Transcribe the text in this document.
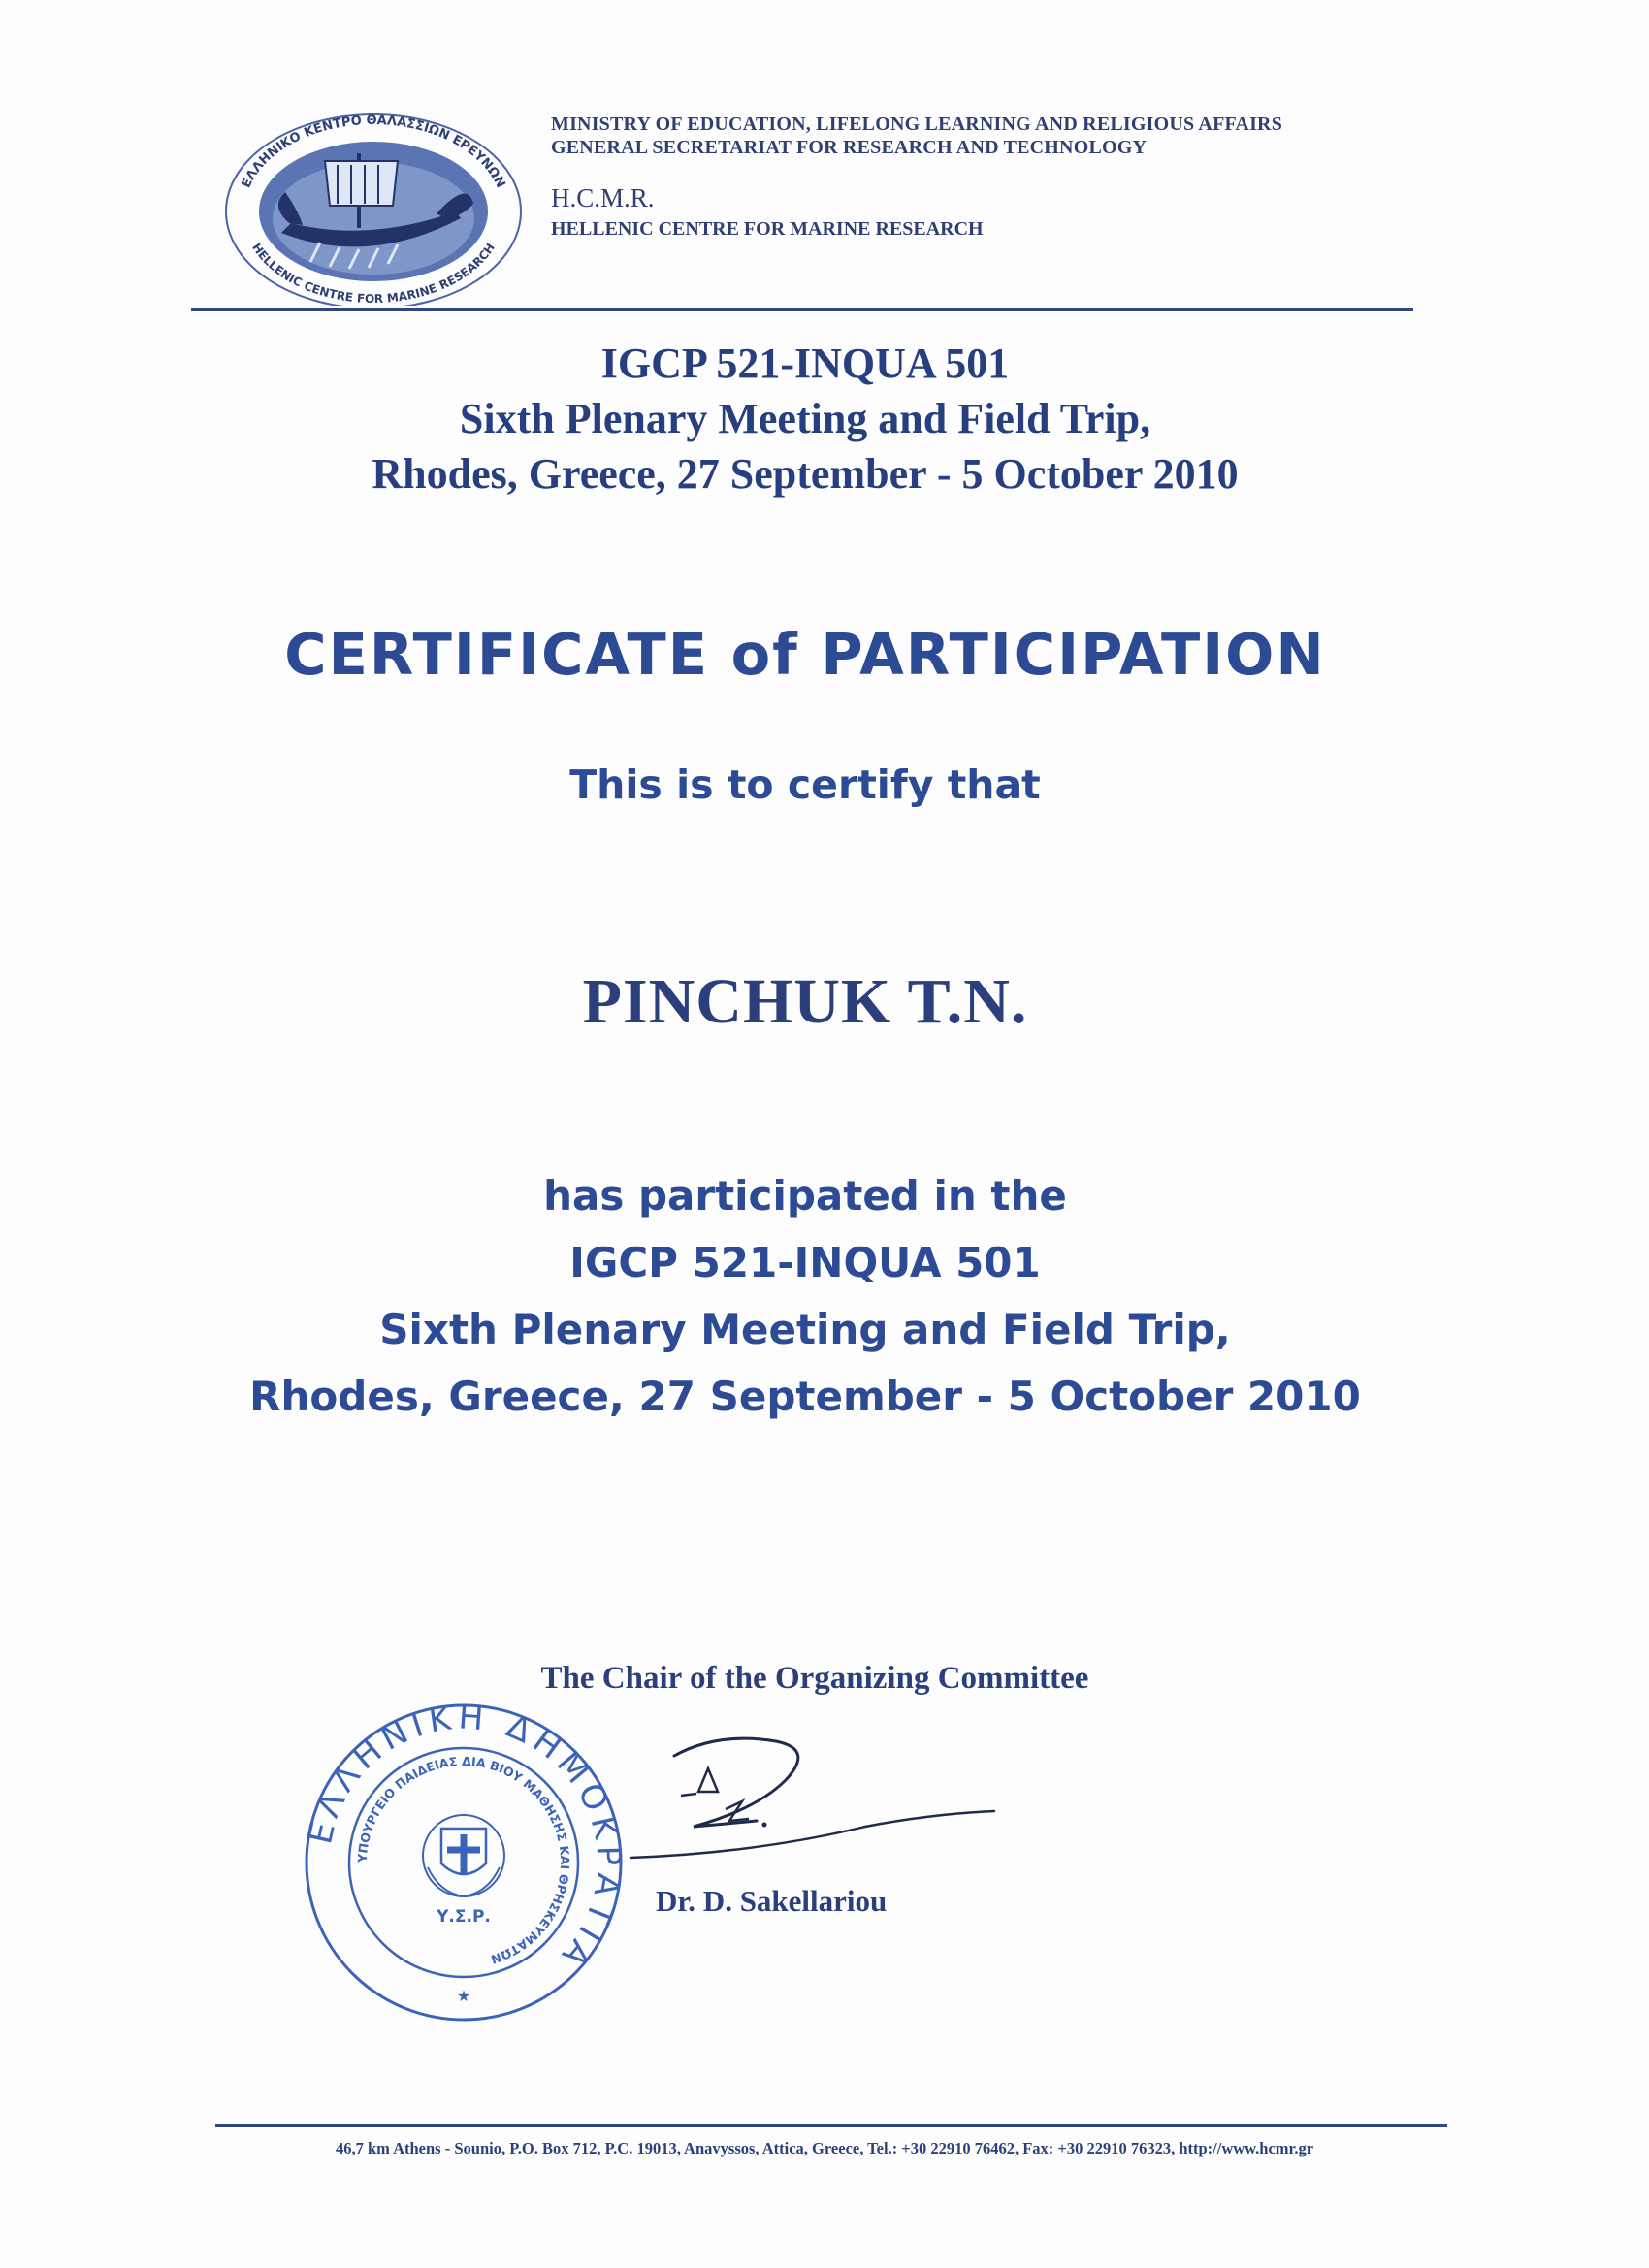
ΕΛΛΗΝΙΚΟ ΚΕΝΤΡΟ ΘΑΛΑΣΣΙΩΝ ΕΡΕΥΝΩΝ
HELLENIC CENTRE FOR MARINE RESEARCH
MINISTRY OF EDUCATION, LIFELONG LEARNING AND RELIGIOUS AFFAIRS
GENERAL SECRETARIAT FOR RESEARCH AND TECHNOLOGY
H.C.M.R.
HELLENIC CENTRE FOR MARINE RESEARCH
IGCP 521-INQUA 501
Sixth Plenary Meeting and Field Trip,
Rhodes, Greece, 27 September - 5 October 2010
CERTIFICATE of PARTICIPATION
This is to certify that
PINCHUK T.N.
has participated in the
IGCP 521-INQUA 501
Sixth Plenary Meeting and Field Trip,
Rhodes, Greece, 27 September - 5 October 2010
The Chair of the Organizing Committee
ΕΛΛΗΝΙΚΗ ΔΗΜΟΚΡΑΤΙΑ
ΥΠΟΥΡΓΕΙΟ ΠΑΙΔΕΙΑΣ ΔΙΑ ΒΙΟΥ ΜΑΘΗΣΗΣ ΚΑΙ ΘΡΗΣΚΕΥΜΑΤΩΝ
Υ.Σ.Ρ.
★
Dr. D. Sakellariou
46,7 km Athens - Sounio, P.O. Box 712, P.C. 19013, Anavyssos, Attica, Greece, Tel.: +30 22910 76462, Fax: +30 22910 76323, http://www.hcmr.gr
